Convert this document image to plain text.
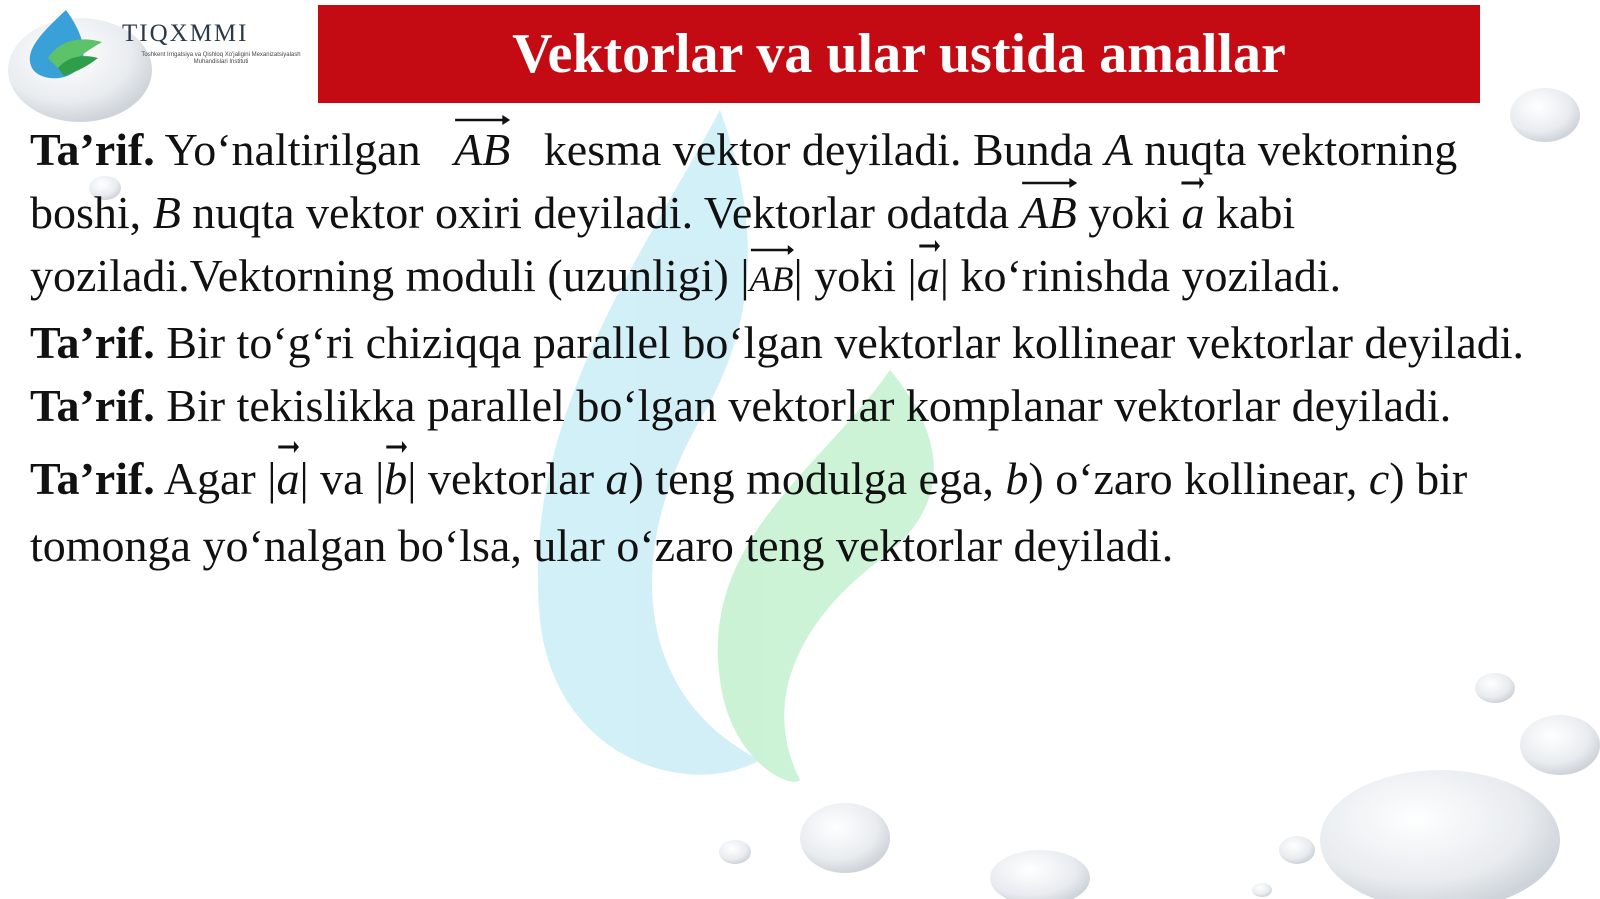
TIQXMMI
Toshkent Irrigatsiya va Qishloq Xo'jaligini Mexanizatsiyalash Muhandislari Instituti	Vektorlar va ular ustida amallar

Ta’rif. Yo‘naltirilgan AB
kesma vektor deyiladi. Bunda A nuqta vektorning boshi, B nuqta vektor oxiri deyiladi. Vektorlar odatda AB
yoki a
kabi yoziladi.Vektorning moduli (uzunligi) |AB
| yoki |a
| ko‘rinishda yoziladi.

Ta’rif. Bir to‘g‘ri chiziqqa parallel bo‘lgan vektorlar kollinear vektorlar deyiladi.

Ta’rif. Bir tekislikka parallel bo‘lgan vektorlar komplanar vektorlar deyiladi.

Ta’rif. Agar |a
| va |b
| vektorlar a) teng modulga ega, b) o‘zaro kollinear, c) bir tomonga yo‘nalgan bo‘lsa, ular o‘zaro teng vektorlar deyiladi.
